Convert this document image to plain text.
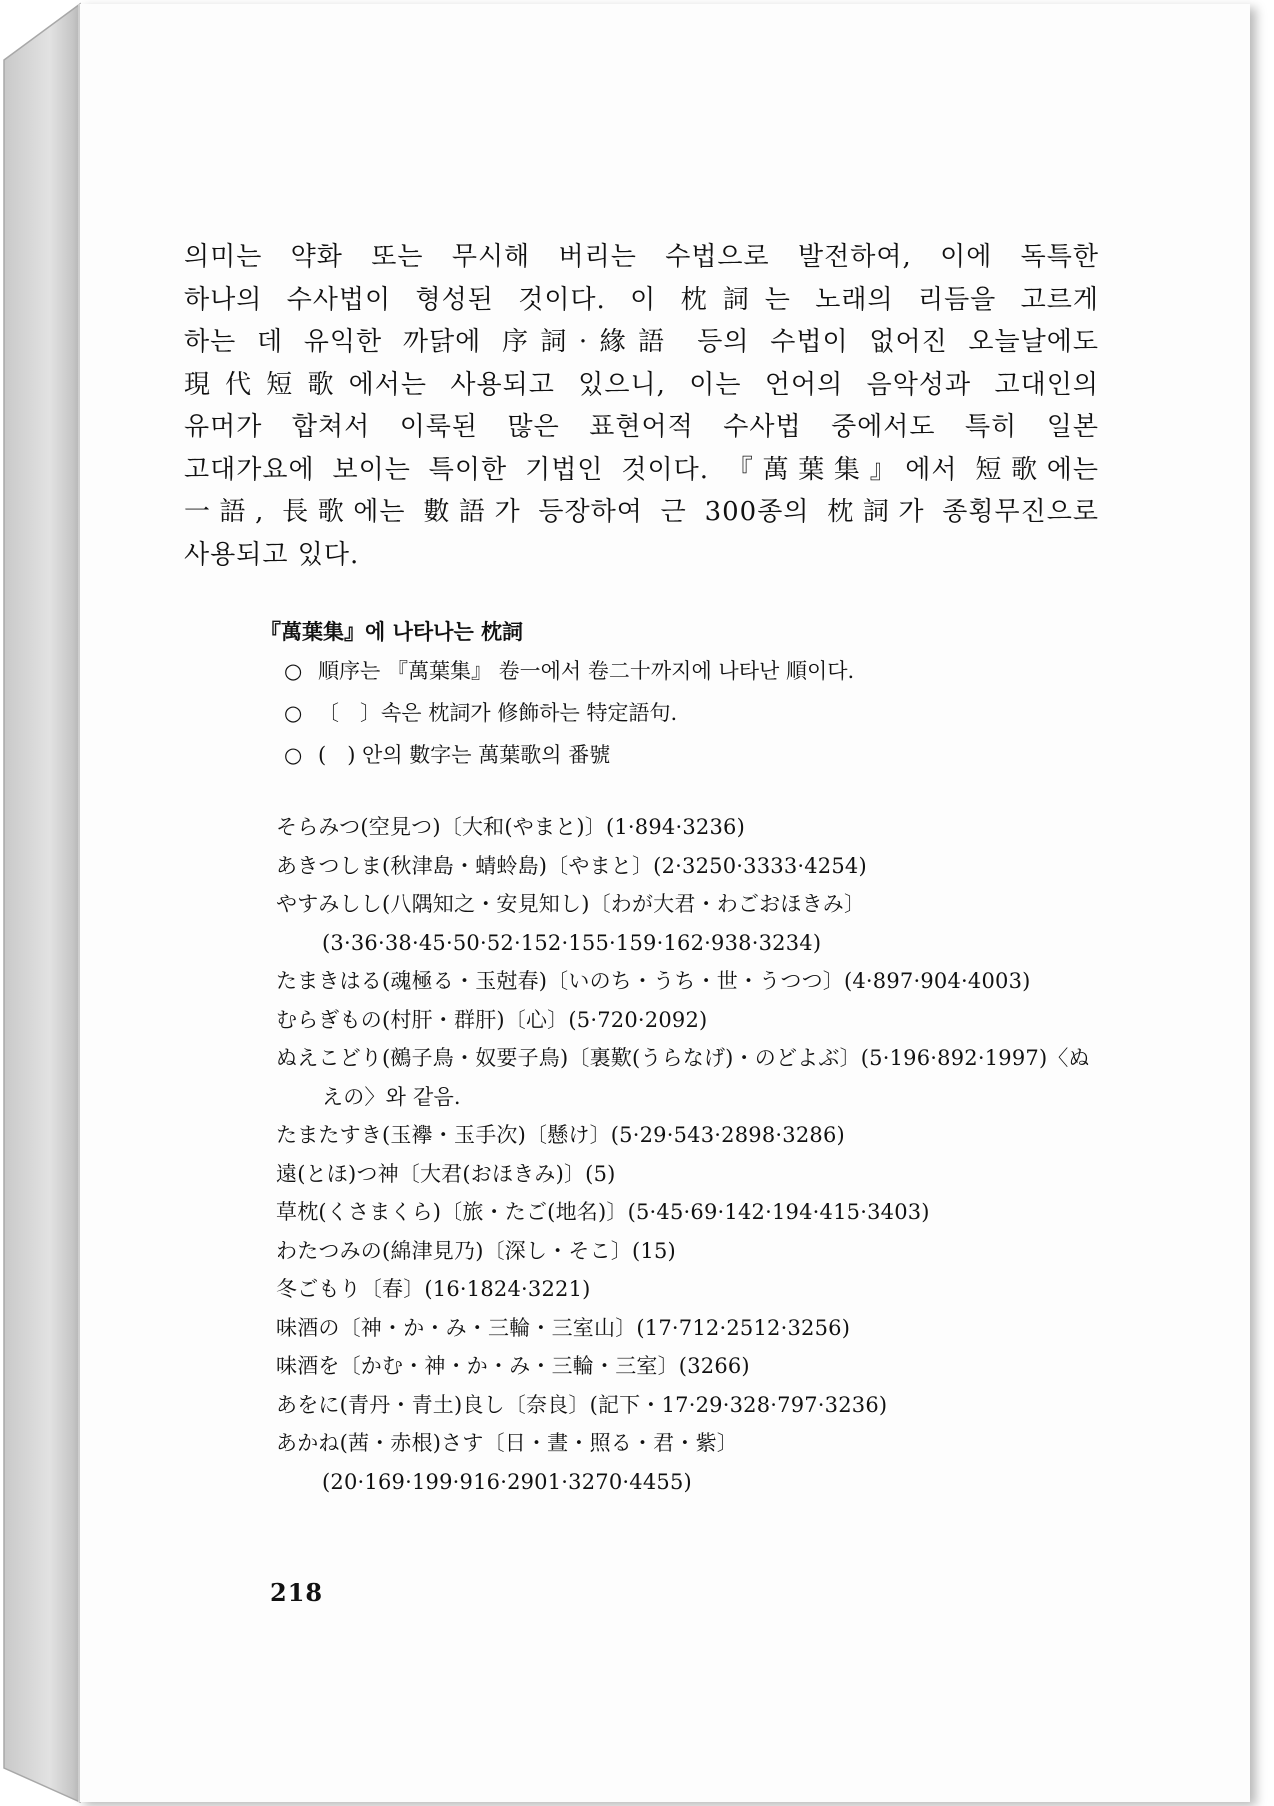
의미는 약화 또는 무시해 버리는 수법으로 발전하여, 이에 독특한
하나의 수사법이 형성된 것이다. 이 枕詞는 노래의 리듬을 고르게
하는 데 유익한 까닭에 序詞·緣語 등의 수법이 없어진 오늘날에도
現代短歌에서는 사용되고 있으니, 이는 언어의 음악성과 고대인의
유머가 합쳐서 이룩된 많은 표현어적 수사법 중에서도 특히 일본
고대가요에 보이는 특이한 기법인 것이다. 『萬葉集』에서 短歌에는
一語, 長歌에는 數語가 등장하여 근 300종의 枕詞가 종횡무진으로
사용되고 있다.
『萬葉集』에 나타나는 枕詞
○ 順序는 『萬葉集』 卷一에서 卷二十까지에 나타난 順이다.
○ 〔　〕속은 枕詞가 修飾하는 特定語句.
○ (　) 안의 數字는 萬葉歌의 番號
そらみつ(空見つ)〔大和(やまと)〕(1·894·3236)
あきつしま(秋津島・蜻蛉島)〔やまと〕(2·3250·3333·4254)
やすみしし(八隅知之・安見知し)〔わが大君・わごおほきみ〕(3·36·38·45·50·52·152·155·159·162·938·3234)
たまきはる(魂極る・玉尅春)〔いのち・うち・世・うつつ〕(4·897·904·4003)
むらぎもの(村肝・群肝)〔心〕(5·720·2092)
ぬえこどり(鵺子鳥・奴要子鳥)〔裏歎(うらなげ)・のどよぶ〕(5·196·892·1997)〈ぬえの〉와 같음.
たまたすき(玉襷・玉手次)〔懸け〕(5·29·543·2898·3286)
遠(とほ)つ神〔大君(おほきみ)〕(5)
草枕(くさまくら)〔旅・たご(地名)〕(5·45·69·142·194·415·3403)
わたつみの(綿津見乃)〔深し・そこ〕(15)
冬ごもり〔春〕(16·1824·3221)
味酒の〔神・か・み・三輪・三室山〕(17·712·2512·3256)
味酒を〔かむ・神・か・み・三輪・三室〕(3266)
あをに(青丹・青土)良し〔奈良〕(記下・17·29·328·797·3236)
あかね(茜・赤根)さす〔日・晝・照る・君・紫〕(20·169·199·916·2901·3270·4455)
218
